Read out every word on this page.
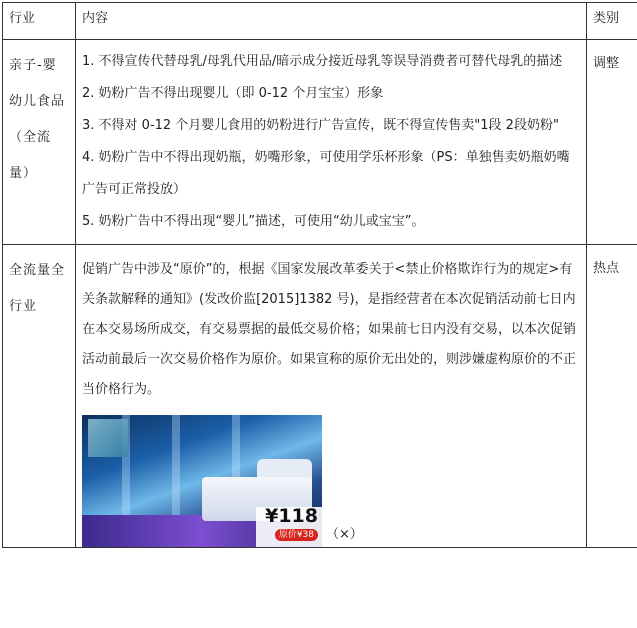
行业	内容	类别
亲子-婴幼儿食品（全流量）	1. 不得宣传代替母乳/母乳代用品/暗示成分接近母乳等误导消费者可替代母乳的描述

2. 奶粉广告不得出现婴儿（即 0-12 个月宝宝）形象

3. 不得对 0-12 个月婴儿食用的奶粉进行广告宣传，既不得宣传售卖"1段 2段奶粉"

4. 奶粉广告中不得出现奶瓶，奶嘴形象，可使用学乐杯形象（PS：单独售卖奶瓶奶嘴广告可正常投放）

5. 奶粉广告中不得出现“婴儿”描述，可使用“幼儿或宝宝”。	调整
全流量全行业	促销广告中涉及“原价”的，根据《国家发展改革委关于<禁止价格欺诈行为的规定>有关条款解释的通知》(发改价监[2015]1382 号)，是指经营者在本次促销活动前七日内在本交易场所成交，有交易票据的最低交易价格；如果前七日内没有交易，以本次促销活动前最后一次交易价格作为原价。如果宣称的原价无出处的，则涉嫌虚构原价的不正当价格行为。

¥118
原价¥38 （×）	热点
